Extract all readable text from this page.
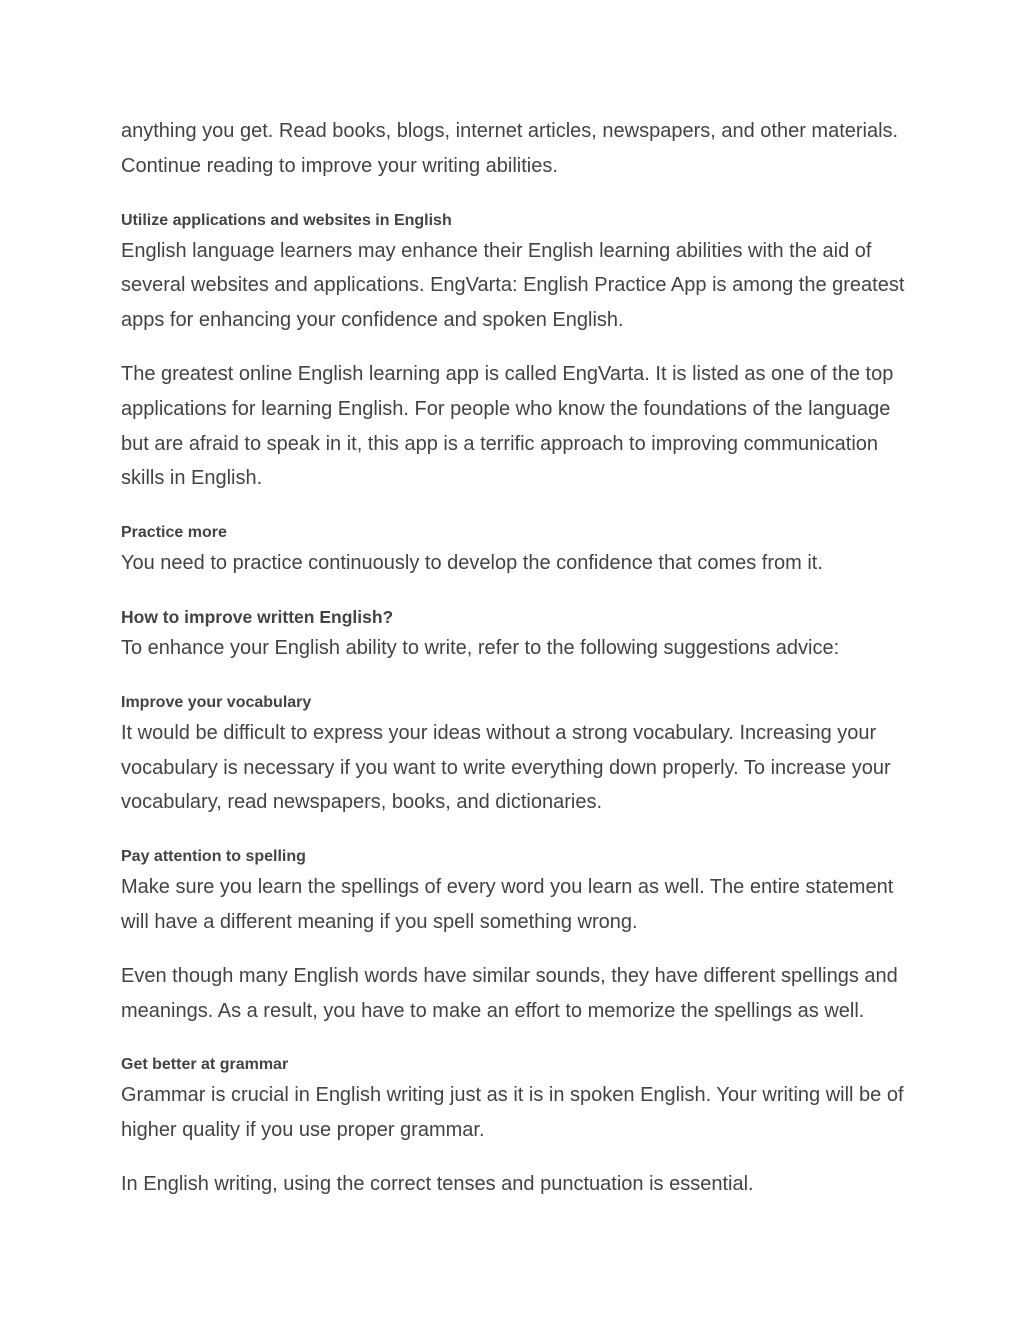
anything you get. Read books, blogs, internet articles, newspapers, and other materials. Continue reading to improve your writing abilities.

Utilize applications and websites in English

English language learners may enhance their English learning abilities with the aid of several websites and applications. EngVarta: English Practice App is among the greatest apps for enhancing your confidence and spoken English.

The greatest online English learning app is called EngVarta. It is listed as one of the top applications for learning English. For people who know the foundations of the language but are afraid to speak in it, this app is a terrific approach to improving communication skills in English.

Practice more

You need to practice continuously to develop the confidence that comes from it.

How to improve written English?

To enhance your English ability to write, refer to the following suggestions advice:

Improve your vocabulary

It would be difficult to express your ideas without a strong vocabulary. Increasing your vocabulary is necessary if you want to write everything down properly. To increase your vocabulary, read newspapers, books, and dictionaries.

Pay attention to spelling

Make sure you learn the spellings of every word you learn as well. The entire statement will have a different meaning if you spell something wrong.

Even though many English words have similar sounds, they have different spellings and meanings. As a result, you have to make an effort to memorize the spellings as well.

Get better at grammar

Grammar is crucial in English writing just as it is in spoken English. Your writing will be of higher quality if you use proper grammar.

In English writing, using the correct tenses and punctuation is essential.
